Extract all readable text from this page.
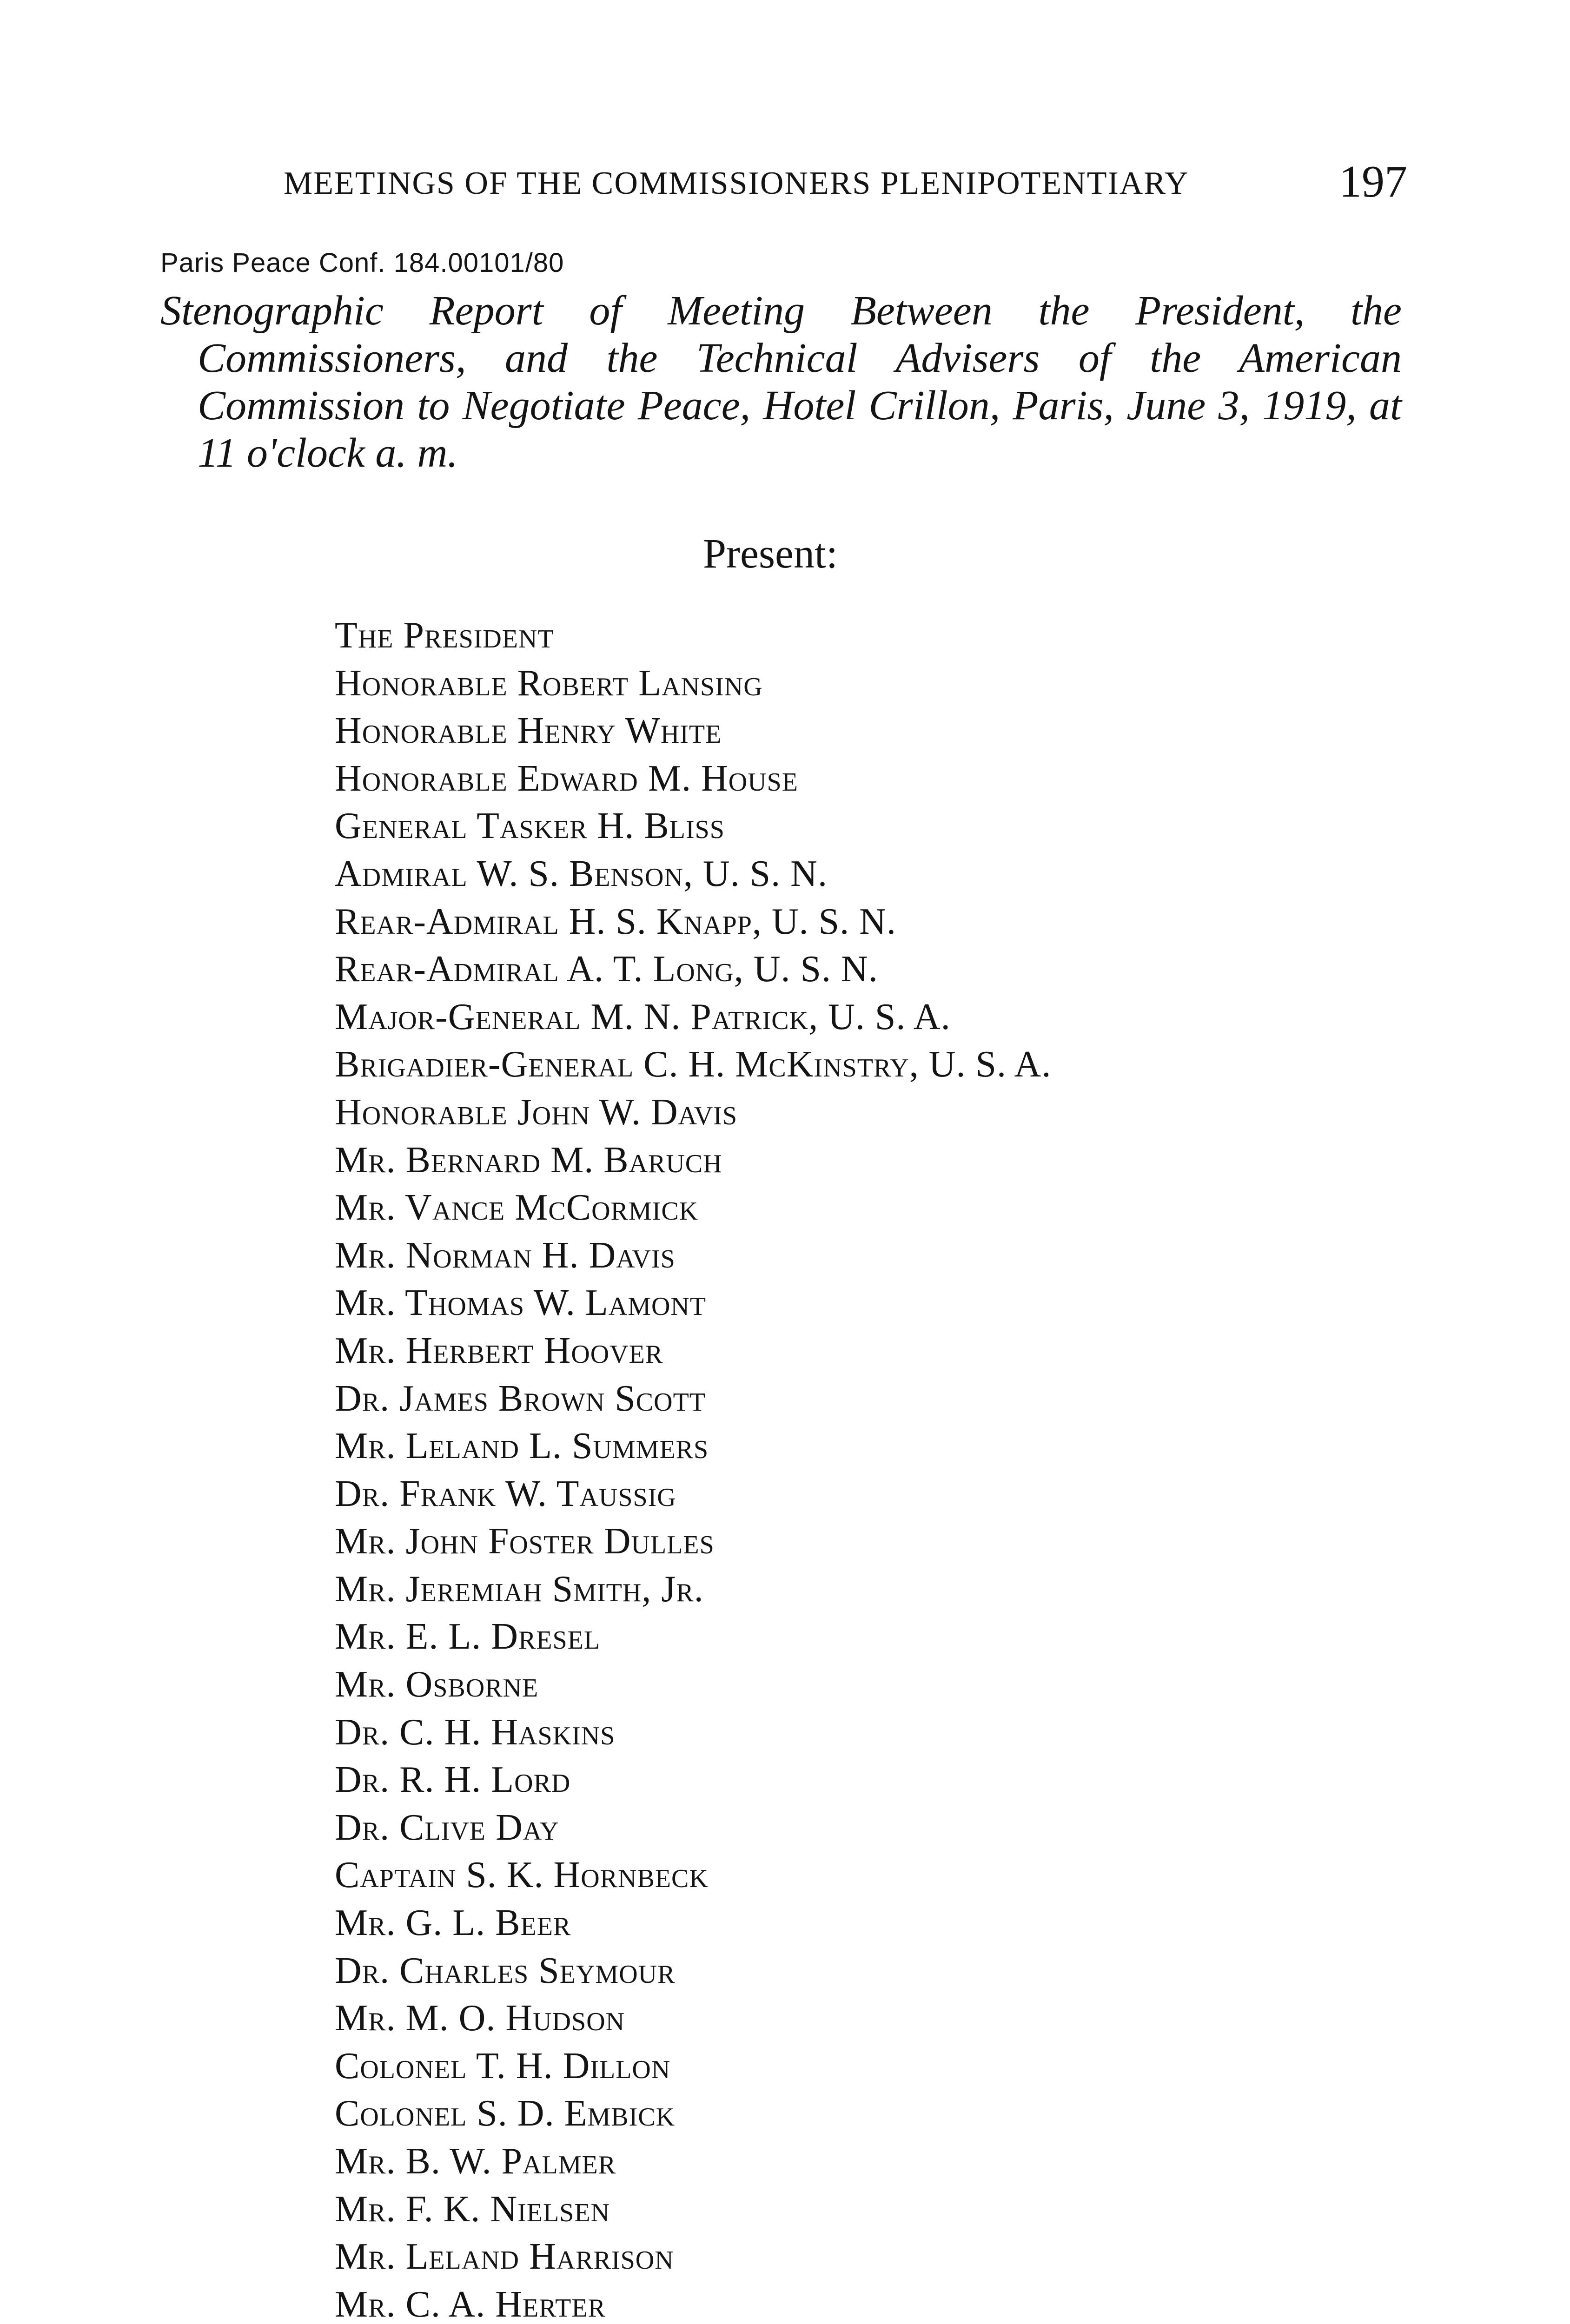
MEETINGS OF THE COMMISSIONERS PLENIPOTENTIARY	197
Paris Peace Conf. 184.00101/80

Stenographic Report of Meeting Between the President, the Commissioners, and the Technical Advisers of the American Commission to Negotiate Peace, Hotel Crillon, Paris, June 3, 1919, at 11 o'clock a. m.

Present:
The President
Honorable Robert Lansing
Honorable Henry White
Honorable Edward M. House
General Tasker H. Bliss
Admiral W. S. Benson, U. S. N.
Rear-Admiral H. S. Knapp, U. S. N.
Rear-Admiral A. T. Long, U. S. N.
Major-General M. N. Patrick, U. S. A.
Brigadier-General C. H. McKinstry, U. S. A.
Honorable John W. Davis
Mr. Bernard M. Baruch
Mr. Vance McCormick
Mr. Norman H. Davis
Mr. Thomas W. Lamont
Mr. Herbert Hoover
Dr. James Brown Scott
Mr. Leland L. Summers
Dr. Frank W. Taussig
Mr. John Foster Dulles
Mr. Jeremiah Smith, Jr.
Mr. E. L. Dresel
Mr. Osborne
Dr. C. H. Haskins
Dr. R. H. Lord
Dr. Clive Day
Captain S. K. Hornbeck
Mr. G. L. Beer
Dr. Charles Seymour
Mr. M. O. Hudson
Colonel T. H. Dillon
Colonel S. D. Embick
Mr. B. W. Palmer
Mr. F. K. Nielsen
Mr. Leland Harrison
Mr. C. A. Herter
